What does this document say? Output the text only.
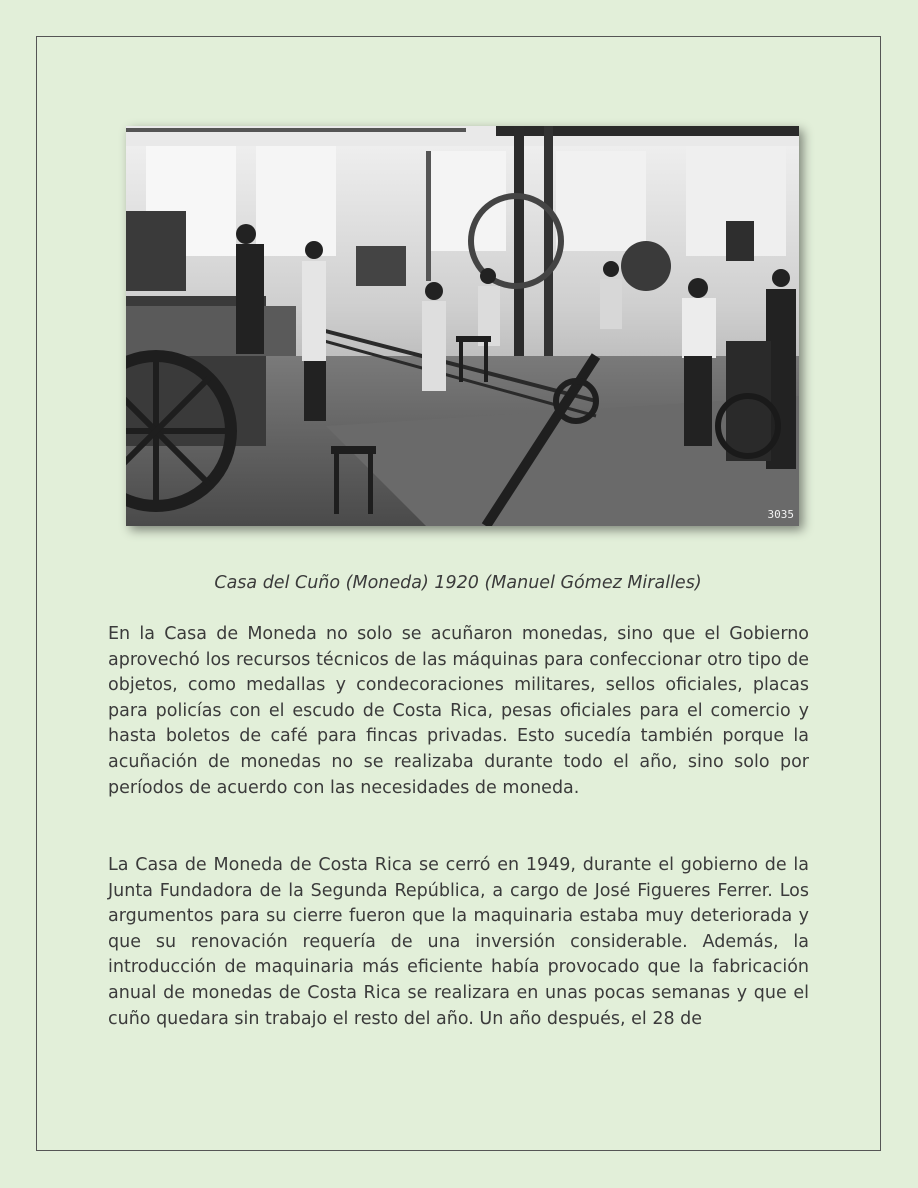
3035
Casa del Cuño (Moneda) 1920 (Manuel Gómez Miralles)

En la Casa de Moneda no solo se acuñaron monedas, sino que el Gobierno aprovechó los recursos técnicos de las máquinas para confeccionar otro tipo de objetos, como medallas y condecoraciones militares, sellos oficiales, placas para policías con el escudo de Costa Rica, pesas oficiales para el comercio y hasta boletos de café para fincas privadas. Esto sucedía también porque la acuñación de monedas no se realizaba durante todo el año, sino solo por períodos de acuerdo con las necesidades de moneda.

La Casa de Moneda de Costa Rica se cerró en 1949, durante el gobierno de la Junta Fundadora de la Segunda República, a cargo de José Figueres Ferrer. Los argumentos para su cierre fueron que la maquinaria estaba muy deteriorada y que su renovación requería de una inversión considerable. Además, la introducción de maquinaria más eficiente había provocado que la fabricación anual de monedas de Costa Rica se realizara en unas pocas semanas y que el cuño quedara sin trabajo el resto del año. Un año después, el 28 de
